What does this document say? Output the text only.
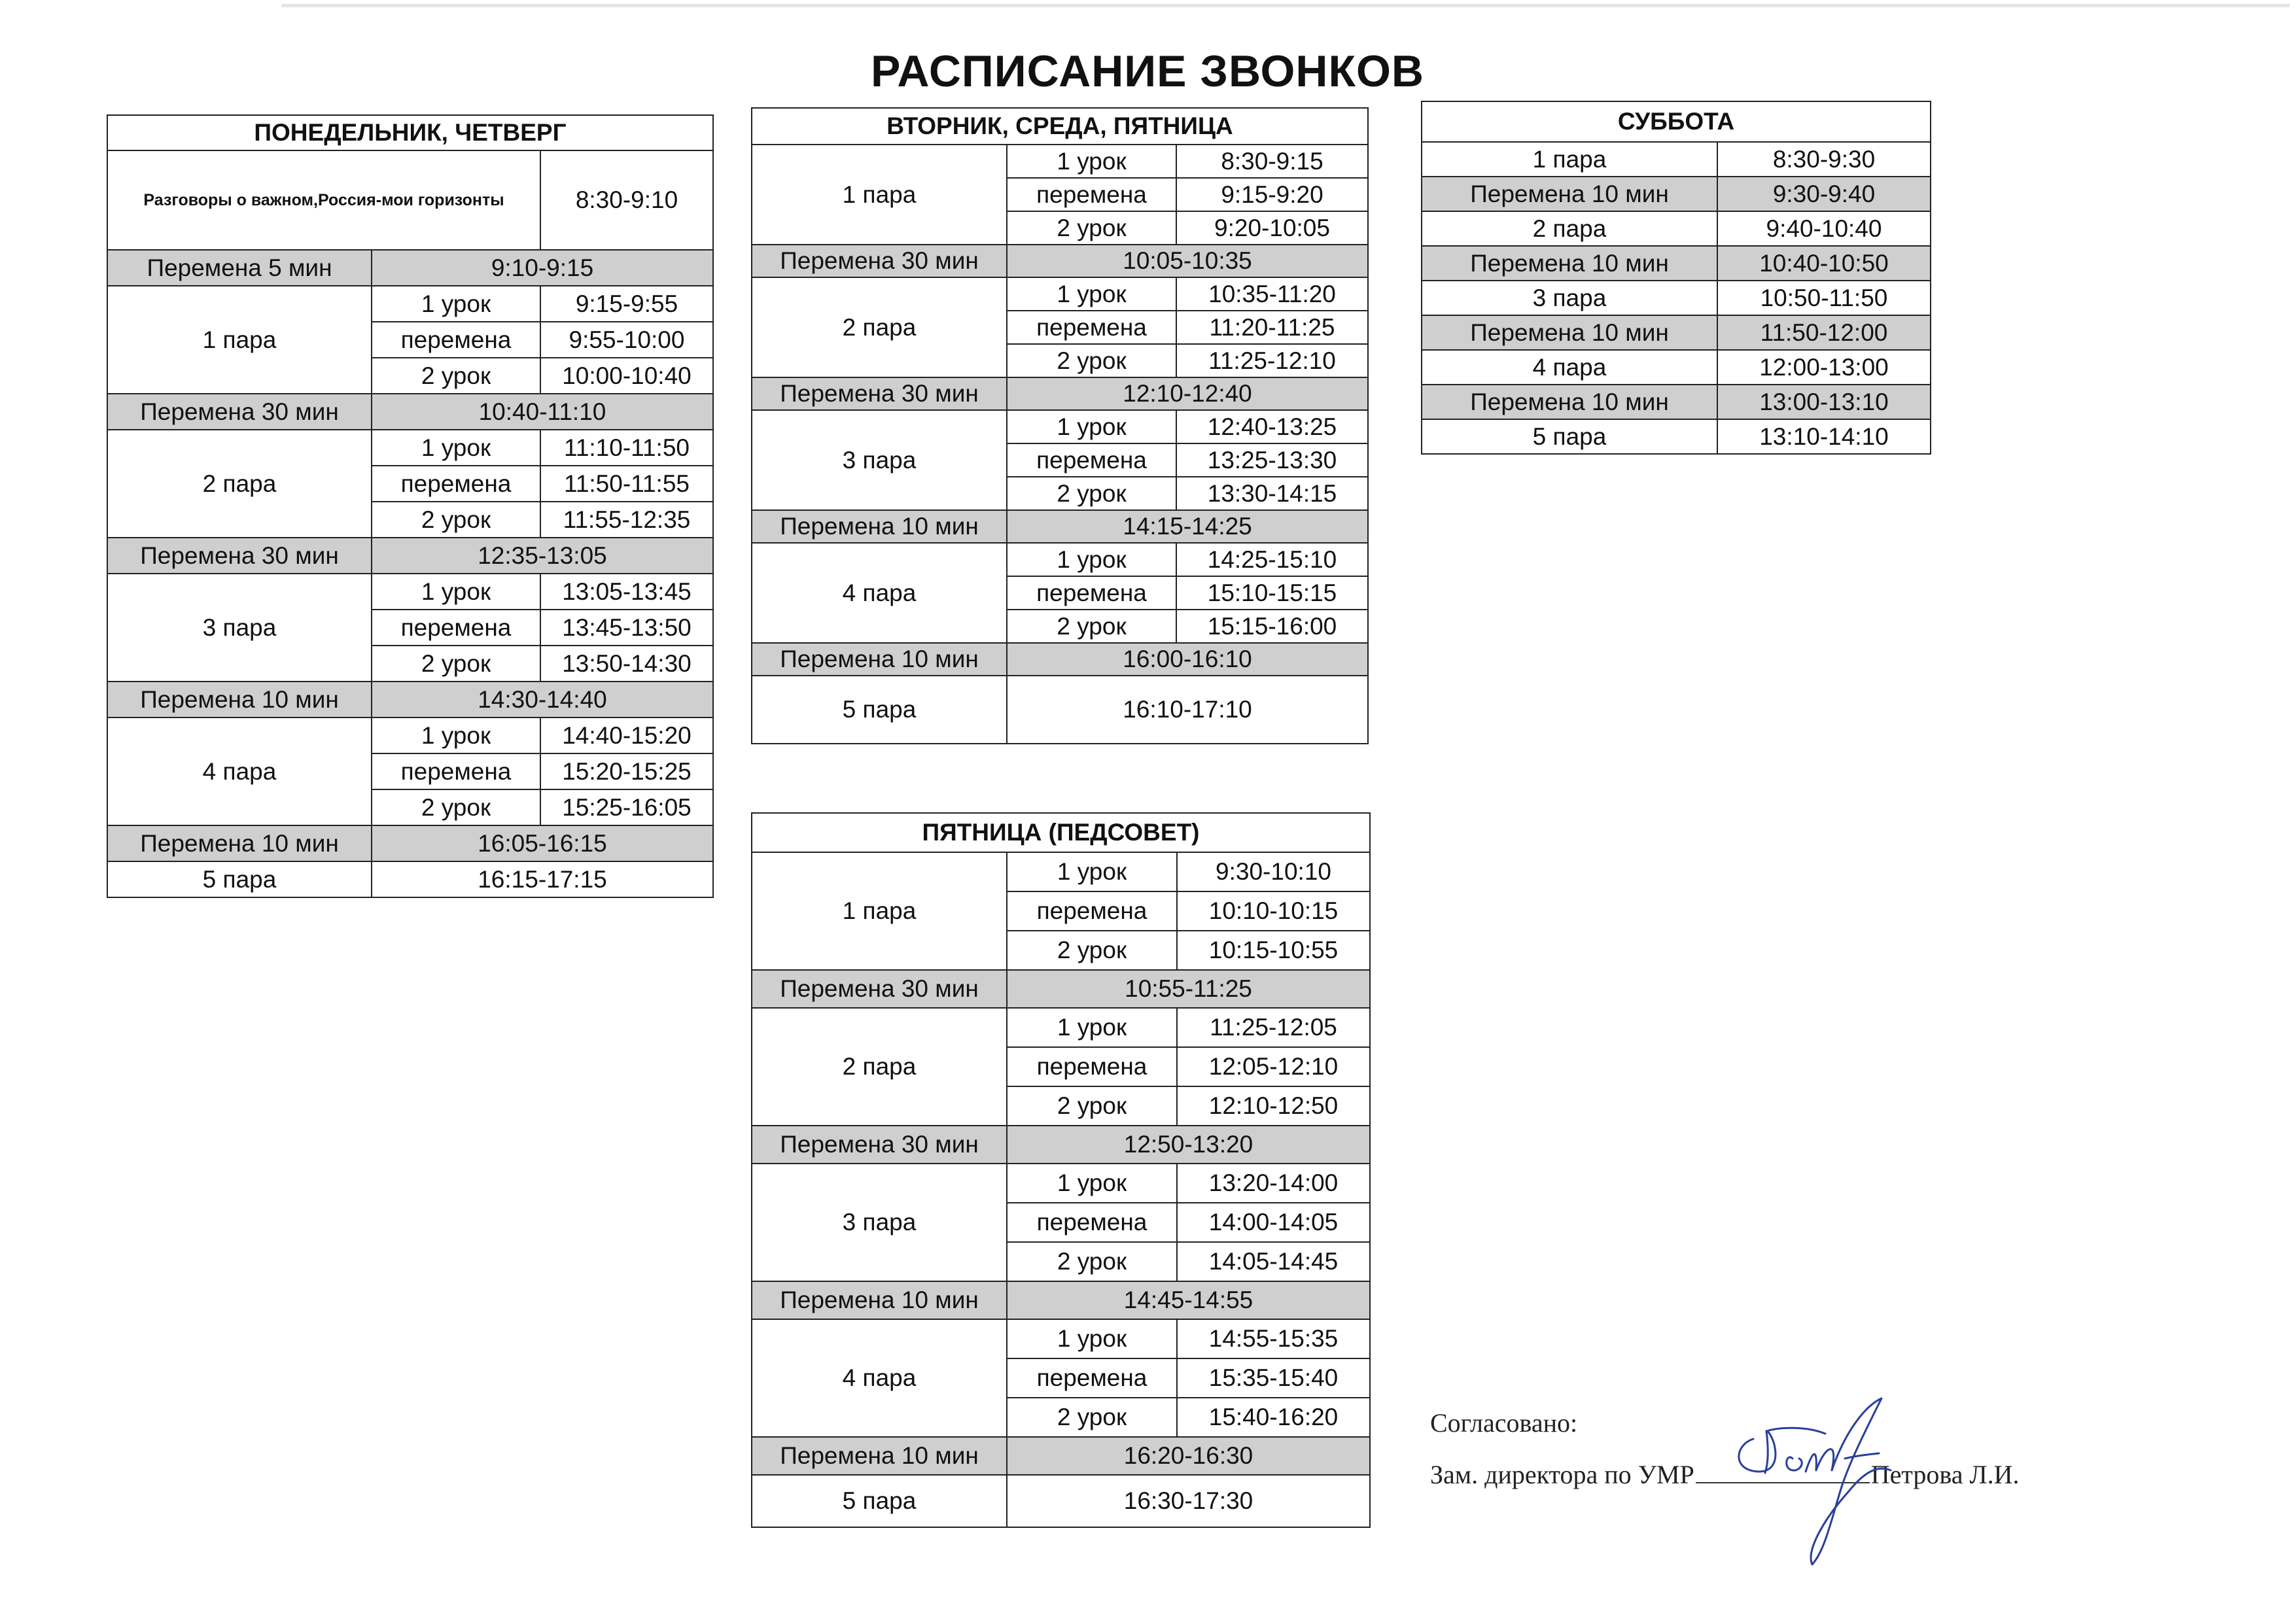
РАСПИСАНИЕ ЗВОНКОВ
ПОНЕДЕЛЬНИК, ЧЕТВЕРГ		
Разговоры о важном,Россия-мои горизонты		8:30-9:10
Перемена 5 мин	9:10-9:15	
1 пара	1 урок	9:15-9:55
	перемена	9:55-10:00
	2 урок	10:00-10:40
Перемена 30 мин	10:40-11:10	
2 пара	1 урок	11:10-11:50
	перемена	11:50-11:55
	2 урок	11:55-12:35
Перемена 30 мин	12:35-13:05	
3 пара	1 урок	13:05-13:45
	перемена	13:45-13:50
	2 урок	13:50-14:30
Перемена 10 мин	14:30-14:40	
4 пара	1 урок	14:40-15:20
	перемена	15:20-15:25
	2 урок	15:25-16:05
Перемена 10 мин	16:05-16:15	
5 пара	16:15-17:15	
ВТОРНИК, СРЕДА, ПЯТНИЦА		
1 пара	1 урок	8:30-9:15
	перемена	9:15-9:20
	2 урок	9:20-10:05
Перемена 30 мин	10:05-10:35	
2 пара	1 урок	10:35-11:20
	перемена	11:20-11:25
	2 урок	11:25-12:10
Перемена 30 мин	12:10-12:40	
3 пара	1 урок	12:40-13:25
	перемена	13:25-13:30
	2 урок	13:30-14:15
Перемена 10 мин	14:15-14:25	
4 пара	1 урок	14:25-15:10
	перемена	15:10-15:15
	2 урок	15:15-16:00
Перемена 10 мин	16:00-16:10	
5 пара	16:10-17:10	
ПЯТНИЦА (ПЕДСОВЕТ)		
1 пара	1 урок	9:30-10:10
	перемена	10:10-10:15
	2 урок	10:15-10:55
Перемена 30 мин	10:55-11:25	
2 пара	1 урок	11:25-12:05
	перемена	12:05-12:10
	2 урок	12:10-12:50
Перемена 30 мин	12:50-13:20	
3 пара	1 урок	13:20-14:00
	перемена	14:00-14:05
	2 урок	14:05-14:45
Перемена 10 мин	14:45-14:55	
4 пара	1 урок	14:55-15:35
	перемена	15:35-15:40
	2 урок	15:40-16:20
Перемена 10 мин	16:20-16:30	
5 пара	16:30-17:30	
СУББОТА	
1 пара	8:30-9:30
Перемена 10 мин	9:30-9:40
2 пара	9:40-10:40
Перемена 10 мин	10:40-10:50
3 пара	10:50-11:50
Перемена 10 мин	11:50-12:00
4 пара	12:00-13:00
Перемена 10 мин	13:00-13:10
5 пара	13:10-14:10
Согласовано:
Зам. директора по УМР	Петрова Л.И.
